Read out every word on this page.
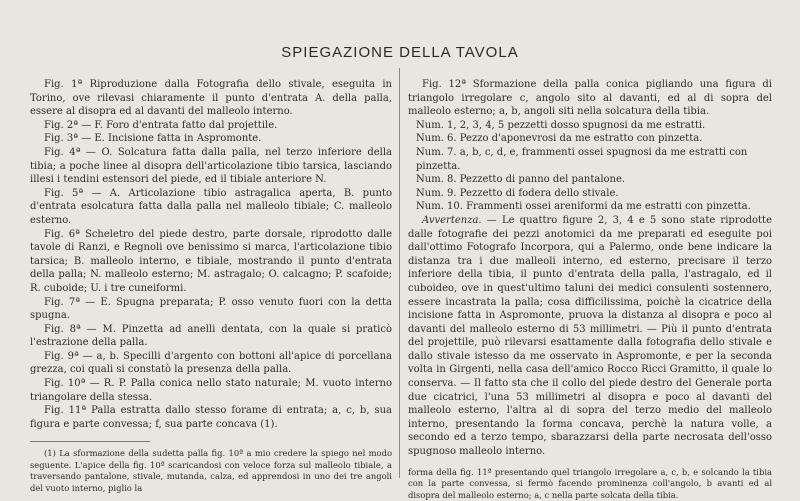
SPIEGAZIONE DELLA TAVOLA

Fig. 1ª Riproduzione dalla Fotografia dello stivale, eseguita in Torino, ove rilevasi chiaramente il punto d'entrata A. della palla, essere al disopra ed al davanti del malleolo interno.

Fig. 2ª — F. Foro d'entrata fatto dal projettile.

Fig. 3ª — E. Incisione fatta in Aspromonte.

Fig. 4ª — O. Solcatura fatta dalla palla, nel terzo inferiore della tibia; a poche linee al disopra dell'articolazione tibio tarsica, lasciando illesi i tendini estensori del piede, ed il tibiale anteriore N.

Fig. 5ª — A. Articolazione tibio astragalica aperta, B. punto d'entrata esolcatura fatta dalla palla nel malleolo tibiale; C. malleolo esterno.

Fig. 6ª Scheletro del piede destro, parte dorsale, riprodotto dalle tavole di Ranzi, e Regnoli ove benissimo si marca, l'articolazione tibio tarsica; B. malleolo interno, e tibiale, mostrando il punto d'entrata della palla; N. malleolo esterno; M. astragalo; O. calcagno; P. scafoide; R. cuboide; U. i tre cuneiformi.

Fig. 7ª — E. Spugna preparata; P. osso venuto fuori con la detta spugna.

Fig. 8ª — M. Pinzetta ad anelli dentata, con la quale si praticò l'estrazione della palla.

Fig. 9ª — a, b. Specilli d'argento con bottoni all'apice di porcellana grezza, coi quali si constatò la presenza della palla.

Fig. 10ª — R. P. Palla conica nello stato naturale; M. vuoto interno triangolare della stessa.

Fig. 11ª Palla estratta dallo stesso forame di entrata; a, c, b, sua figura e parte convessa; f, sua parte concava (1).

(1) La sformazione della sudetta palla fig. 10ª a mio credere la spiego nel modo seguente. L'apice della fig. 10ª scaricandosi con veloce forza sul malleolo tibiale, a traversando pantalone, stivale, mutanda, calza, ed apprendosi in uno dei tre angoli del vuoto interno, piglio la

Fig. 12ª Sformazione della palla conica pigliando una figura di triangolo irregolare c, angolo sito al davanti, ed al di sopra del malleolo esterno; a, b, angoli siti nella solcatura della tibia.

Num. 1, 2, 3, 4, 5 pezzetti dosso spugnosi da me estratti.

Num. 6. Pezzo d'aponevrosi da me estratto con pinzetta.

Num. 7. a, b, c, d, e, frammenti ossei spugnosi da me estratti con pinzetta.

Num. 8. Pezzetto di panno del pantalone.

Num. 9. Pezzetto di fodera dello stivale.

Num. 10. Frammenti ossei areniformi da me estratti con pinzetta.

Avvertenza. — Le quattro figure 2, 3, 4 e 5 sono state riprodotte dalle fotografie dei pezzi anotomici da me preparati ed eseguite poi dall'ottimo Fotografo Incorpora, qui a Palermo, onde bene indicare la distanza tra i due malleoli interno, ed esterno, precisare il terzo inferiore della tibia, il punto d'entrata della palla, l'astragalo, ed il cuboideo, ove in quest'ultimo taluni dei medici consulenti sostennero, essere incastrata la palla; cosa difficilissima, poichè la cicatrice della incisione fatta in Aspromonte, pruova la distanza al disopra e poco al davanti del malleolo esterno di 53 millimetri. — Più il punto d'entrata del projettile, può rilevarsi esattamente dalla fotografia dello stivale e dallo stivale istesso da me osservato in Aspromonte, e per la seconda volta in Girgenti, nella casa dell'amico Rocco Ricci Gramitto, il quale lo conserva. — Il fatto sta che il collo del piede destro del Generale porta due cicatrici, l'una 53 millimetri al disopra e poco al davanti del malleolo esterno, l'altra al di sopra del terzo medio del malleolo interno, presentando la forma concava, perchè la natura volle, a secondo ed a terzo tempo, sbarazzarsi della parte necrosata dell'osso spugnoso malleolo interno.

forma della fig. 11ª presentando quel triangolo irregolare a, c, b, e solcando la tibia con la parte convessa, si fermò facendo prominenza coll'angolo, b avanti ed al disopra del malleolo esterno; a, c nella parte solcata della tibia.
